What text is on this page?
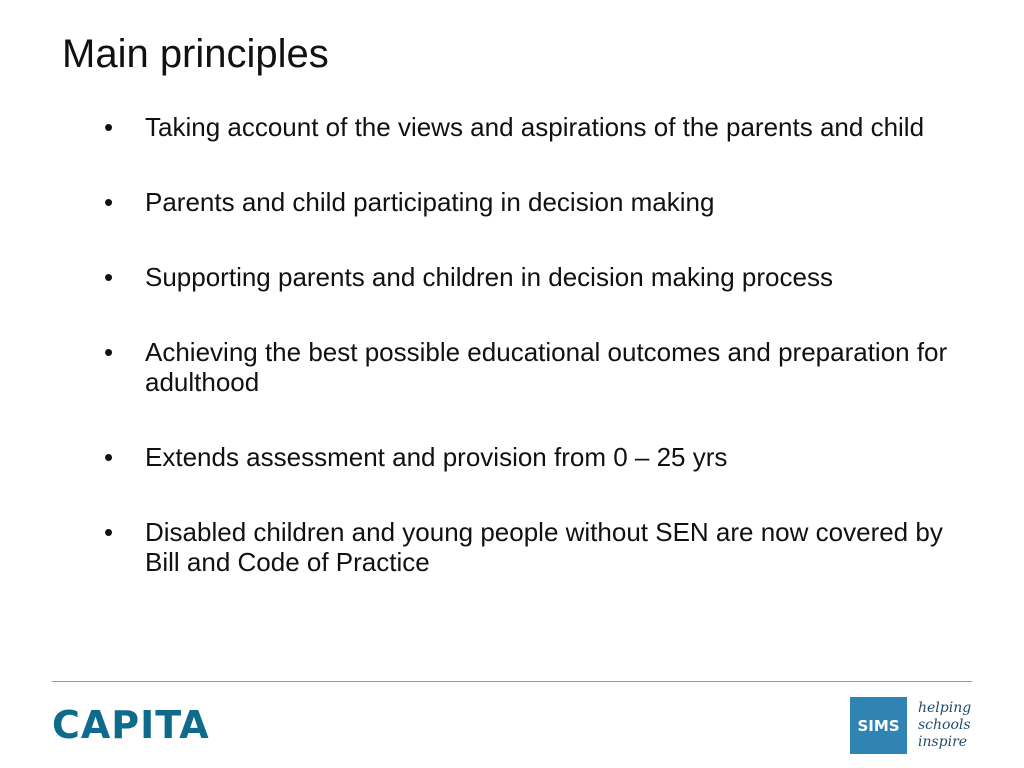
Main principles
•	Taking account of the views and aspirations of the parents and child
•	Parents and child participating in decision making
•	Supporting parents and children in decision making process
•	Achieving the best possible educational outcomes and preparation for adulthood
•	Extends assessment and provision from 0 – 25 yrs
•	Disabled children and young people without SEN are now covered by Bill and Code of Practice
CAPITA	SIMS
helping
schools
inspire
